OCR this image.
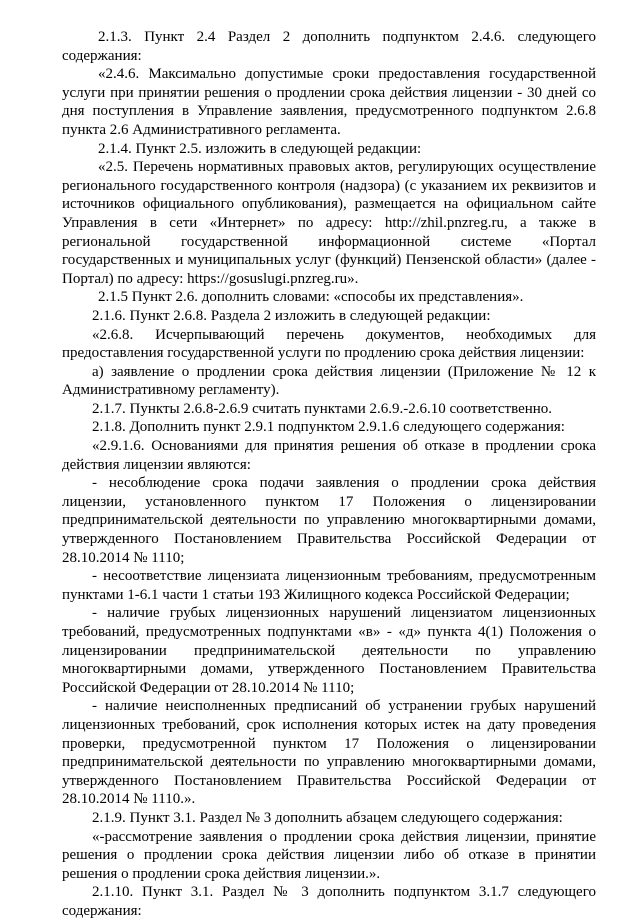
2.1.3. Пункт 2.4 Раздел 2 дополнить подпунктом 2.4.6. следующего содержания:

«2.4.6. Максимально допустимые сроки предоставления государственной услуги при принятии решения о продлении срока действия лицензии - 30 дней со дня поступления в Управление заявления, предусмотренного подпунктом 2.6.8 пункта 2.6 Административного регламента.

2.1.4. Пункт 2.5. изложить в следующей редакции:

«2.5. Перечень нормативных правовых актов, регулирующих осуществление регионального государственного контроля (надзора) (с указанием их реквизитов и источников официального опубликования), размещается на официальном сайте Управления в сети «Интернет» по адресу: http://zhil.pnzreg.ru, а также в региональной государственной информационной системе «Портал государственных и муниципальных услуг (функций) Пензенской области» (далее - Портал) по адресу: https://gosuslugi.pnzreg.ru».

2.1.5 Пункт 2.6. дополнить словами: «способы их представления».

2.1.6. Пункт 2.6.8. Раздела 2 изложить в следующей редакции:

«2.6.8. Исчерпывающий перечень документов, необходимых для предоставления государственной услуги по продлению срока действия лицензии:

а) заявление о продлении срока действия лицензии (Приложение № 12 к Административному регламенту).

2.1.7. Пункты 2.6.8-2.6.9 считать пунктами 2.6.9.-2.6.10 соответственно.

2.1.8. Дополнить пункт 2.9.1 подпунктом 2.9.1.6 следующего содержания:

«2.9.1.6. Основаниями для принятия решения об отказе в продлении срока действия лицензии являются:

- несоблюдение срока подачи заявления о продлении срока действия лицензии, установленного пунктом 17 Положения о лицензировании предпринимательской деятельности по управлению многоквартирными домами, утвержденного Постановлением Правительства Российской Федерации от 28.10.2014 № 1110;

- несоответствие лицензиата лицензионным требованиям, предусмотренным пунктами 1-6.1 части 1 статьи 193 Жилищного кодекса Российской Федерации;

- наличие грубых лицензионных нарушений лицензиатом лицензионных требований, предусмотренных подпунктами «в» - «д» пункта 4(1) Положения о лицензировании предпринимательской деятельности по управлению многоквартирными домами, утвержденного Постановлением Правительства Российской Федерации от 28.10.2014 № 1110;

- наличие неисполненных предписаний об устранении грубых нарушений лицензионных требований, срок исполнения которых истек на дату проведения проверки, предусмотренной пунктом 17 Положения о лицензировании предпринимательской деятельности по управлению многоквартирными домами, утвержденного Постановлением Правительства Российской Федерации от 28.10.2014 № 1110.».

2.1.9. Пункт 3.1. Раздел № 3 дополнить абзацем следующего содержания:

«-рассмотрение заявления о продлении срока действия лицензии, принятие решения о продлении срока действия лицензии либо об отказе в принятии решения о продлении срока действия лицензии.».

2.1.10. Пункт 3.1. Раздел № 3 дополнить подпунктом 3.1.7 следующего содержания:
